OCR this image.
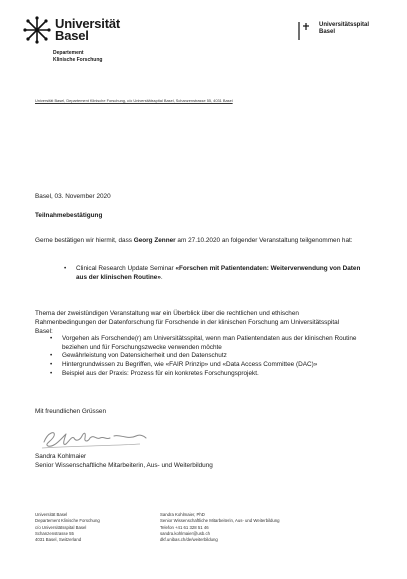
Universität
Basel
Departement
Klinische Forschung
Universitätsspital
Basel
Universität Basel, Departement Klinische Forschung, c/o Universitätsspital Basel, Schanzenstrasse 55, 4031 Basel
Basel, 03. November 2020
Teilnahmebestätigung
Gerne bestätigen wir hiermit, dass Georg Zenner am 27.10.2020 an folgender Veranstaltung teilgenommen hat:
• Clinical Research Update Seminar «Forschen mit Patientendaten: Weiterverwendung von Daten aus der klinischen Routine».
Thema der zweistündigen Veranstaltung war ein Überblick über die rechtlichen und ethischen Rahmenbedingungen der Datenforschung für Forschende in der klinischen Forschung am Universitätsspital Basel:
• Vorgehen als Forschende(r) am Universitätsspital, wenn man Patientendaten aus der klinischen Routine beziehen und für Forschungszwecke verwenden möchte
• Gewährleistung von Datensicherheit und den Datenschutz
• Hintergrundwissen zu Begriffen, wie «FAIR Prinzip» und «Data Access Committee (DAC)»
• Beispiel aus der Praxis: Prozess für ein konkretes Forschungsprojekt.
Mit freundlichen Grüssen
Sandra Kohlmaier
Senior Wissenschaftliche Mitarbeiterin, Aus- und Weiterbildung
Universität Basel
Departement Klinische Forschung
c/o Universitätsspital Basel
Schanzenstrasse 55
4031 Basel, Switzerland
Sandra Kohlmaier, PhD
Senior Wissenschaftliche Mitarbeiterin, Aus- und Weiterbildung
Telefon +41 61 328 51 46
sandra.kohlmaier@usb.ch
dkf.unibas.ch/de/weiterbildung
